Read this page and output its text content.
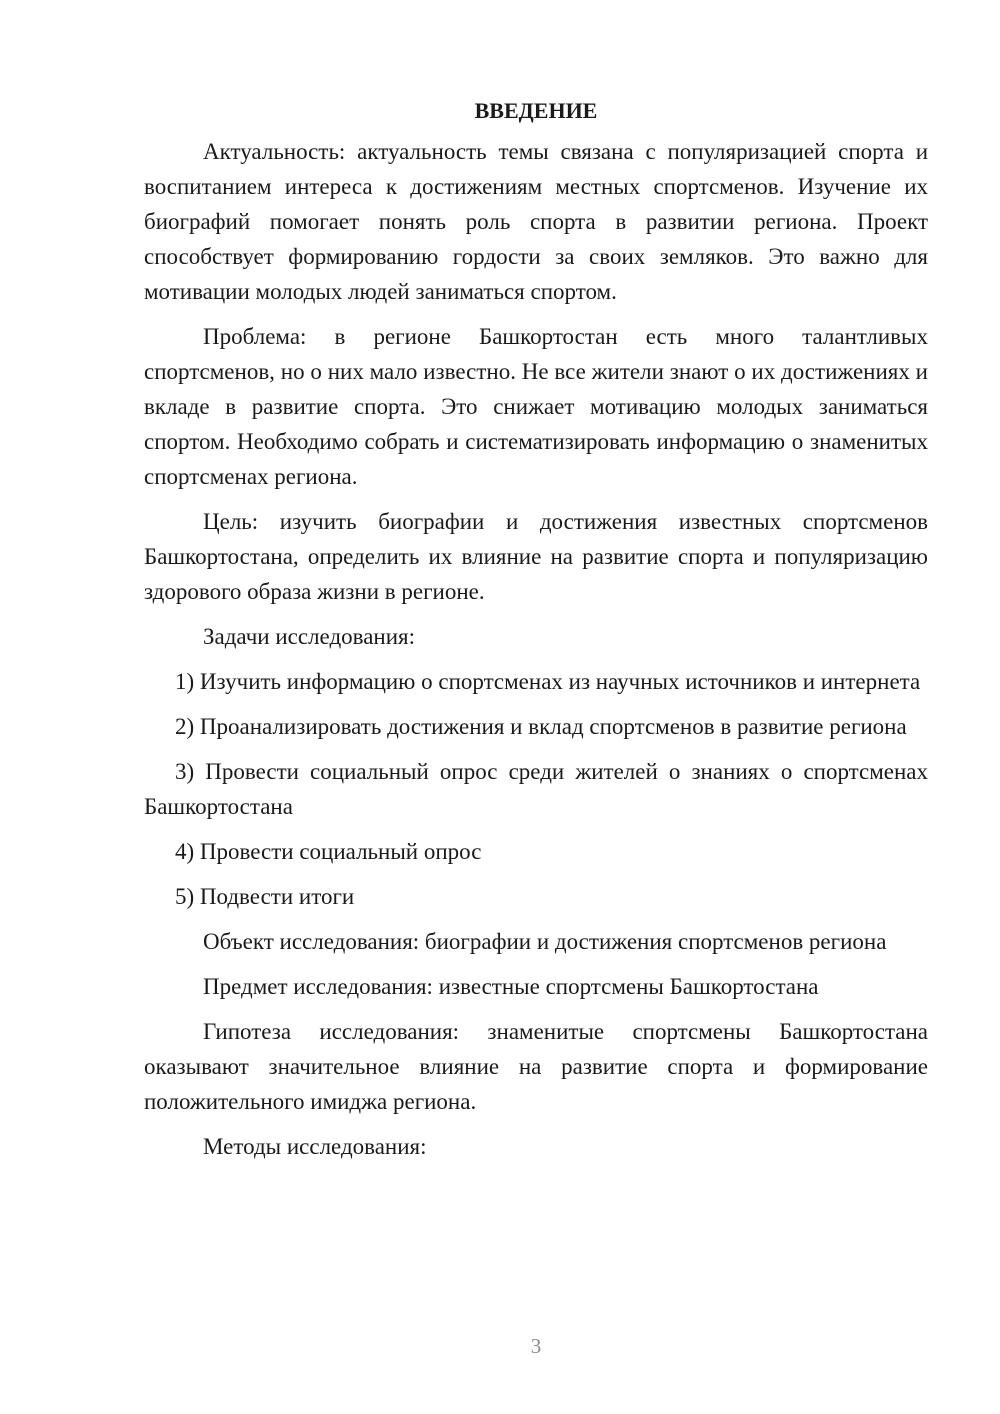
ВВЕДЕНИЕ

Актуальность: актуальность темы связана с популяризацией спорта и воспитанием интереса к достижениям местных спортсменов. Изучение их биографий помогает понять роль спорта в развитии региона. Проект способствует формированию гордости за своих земляков. Это важно для мотивации молодых людей заниматься спортом.

Проблема: в регионе Башкортостан есть много талантливых спортсменов, но о них мало известно. Не все жители знают о их достижениях и вкладе в развитие спорта. Это снижает мотивацию молодых заниматься спортом. Необходимо собрать и систематизировать информацию о знаменитых спортсменах региона.

Цель: изучить биографии и достижения известных спортсменов Башкортостана, определить их влияние на развитие спорта и популяризацию здорового образа жизни в регионе.

Задачи исследования:

1) Изучить информацию о спортсменах из научных источников и интернета

2) Проанализировать достижения и вклад спортсменов в развитие региона

3) Провести социальный опрос среди жителей о знаниях о спортсменах Башкортостана

4) Провести социальный опрос

5) Подвести итоги

Объект исследования: биографии и достижения спортсменов региона

Предмет исследования: известные спортсмены Башкортостана

Гипотеза исследования: знаменитые спортсмены Башкортостана оказывают значительное влияние на развитие спорта и формирование положительного имиджа региона.

Методы исследования:

3
